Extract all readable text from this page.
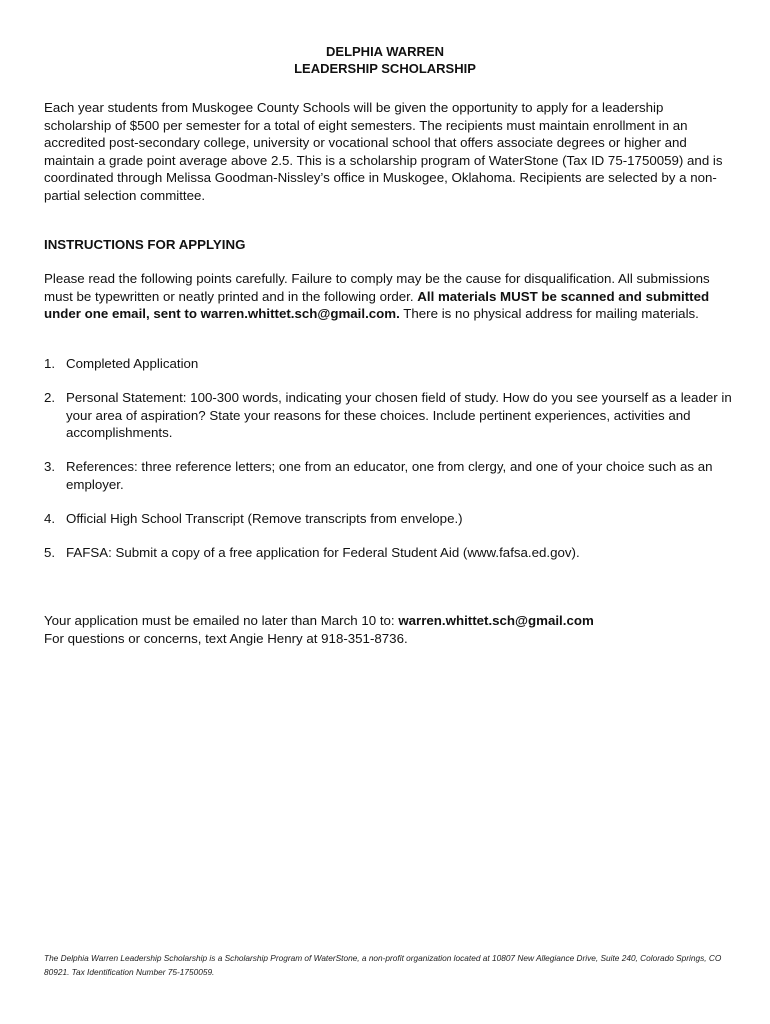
DELPHIA WARREN
LEADERSHIP SCHOLARSHIP

Each year students from Muskogee County Schools will be given the opportunity to apply for a leadership scholarship of $500 per semester for a total of eight semesters. The recipients must maintain enrollment in an accredited post-secondary college, university or vocational school that offers associate degrees or higher and maintain a grade point average above 2.5. This is a scholarship program of WaterStone (Tax ID 75-1750059) and is coordinated through Melissa Goodman-Nissley’s office in Muskogee, Oklahoma. Recipients are selected by a non-partial selection committee.

INSTRUCTIONS FOR APPLYING

Please read the following points carefully. Failure to comply may be the cause for disqualification. All submissions must be typewritten or neatly printed and in the following order. All materials MUST be scanned and submitted under one email, sent to warren.whittet.sch@gmail.com. There is no physical address for mailing materials.

1. Completed Application
2. Personal Statement: 100-300 words, indicating your chosen field of study. How do you see yourself as a leader in your area of aspiration? State your reasons for these choices. Include pertinent experiences, activities and accomplishments.
3. References: three reference letters; one from an educator, one from clergy, and one of your choice such as an employer.
4. Official High School Transcript (Remove transcripts from envelope.)
5. FAFSA: Submit a copy of a free application for Federal Student Aid (www.fafsa.ed.gov).

Your application must be emailed no later than March 10 to: warren.whittet.sch@gmail.com

For questions or concerns, text Angie Henry at 918-351-8736.

The Delphia Warren Leadership Scholarship is a Scholarship Program of WaterStone, a non-profit organization located at 10807 New Allegiance Drive, Suite 240, Colorado Springs, CO 80921. Tax Identification Number 75-1750059.
